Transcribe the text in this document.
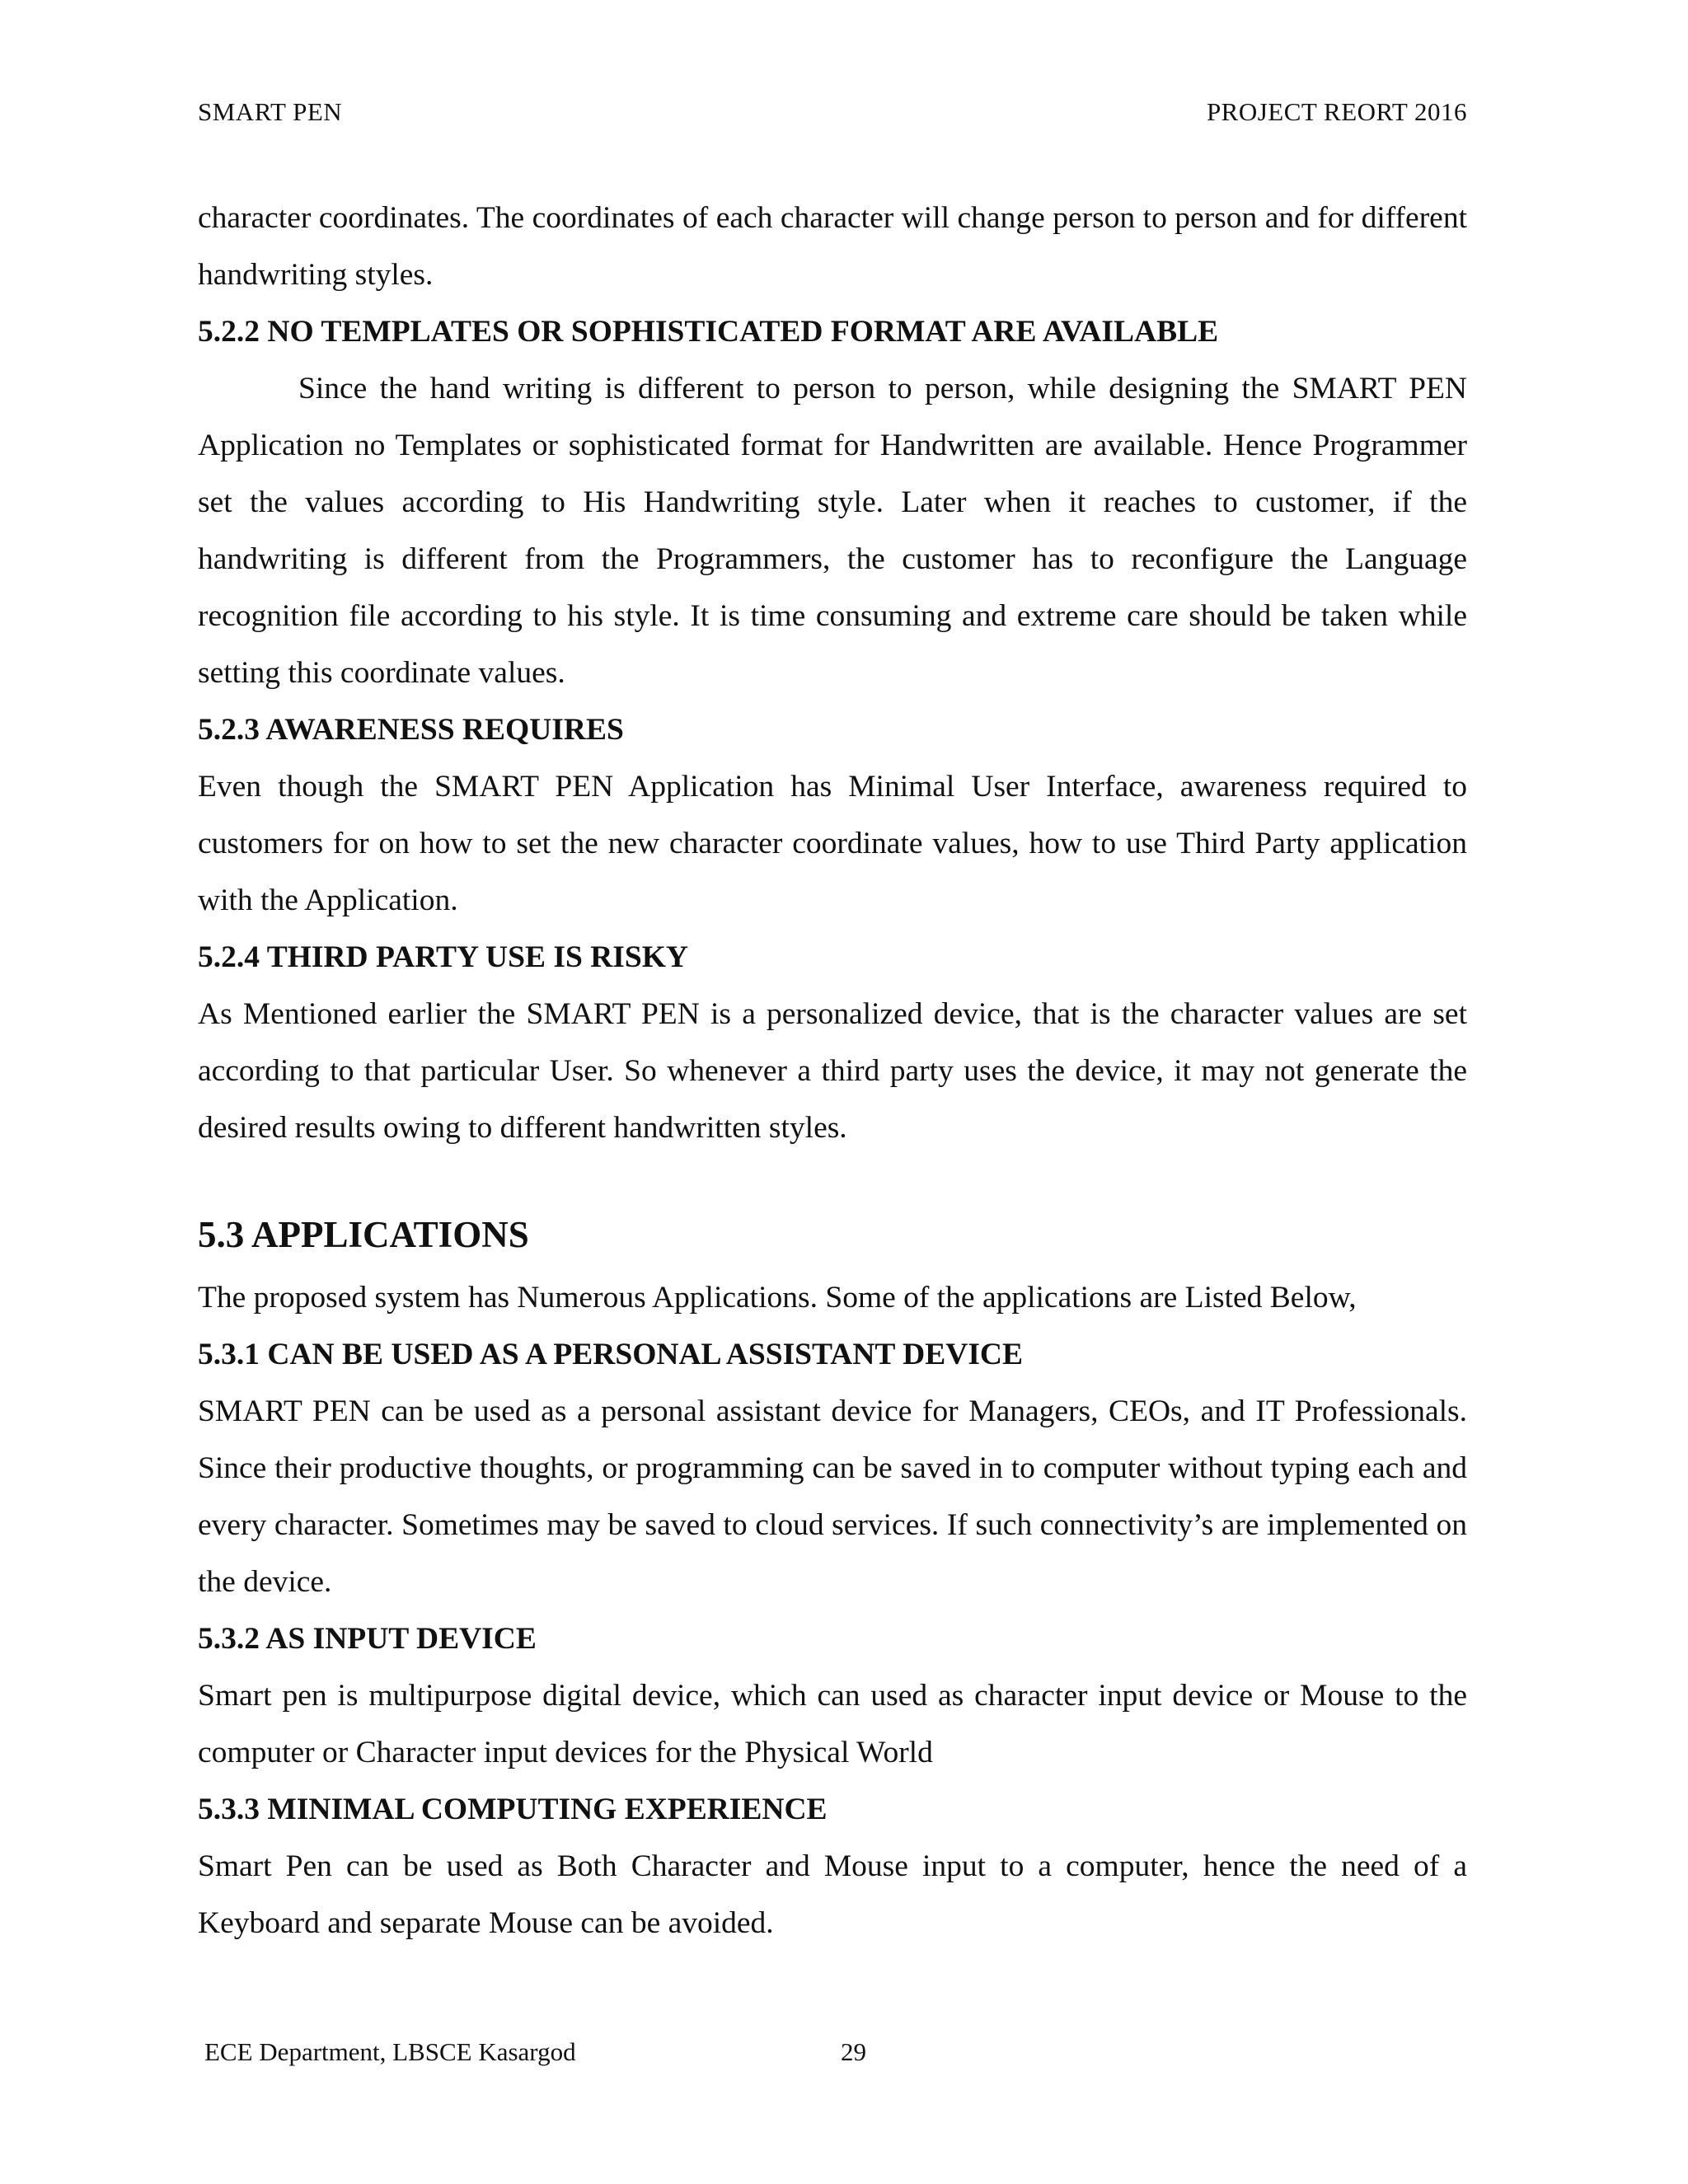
SMART PEN	PROJECT REORT 2016

character coordinates. The coordinates of each character will change person to person and for different handwriting styles.

5.2.2 NO TEMPLATES OR SOPHISTICATED FORMAT ARE AVAILABLE

Since the hand writing is different to person to person, while designing the SMART PEN Application no Templates or sophisticated format for Handwritten are available. Hence Programmer set the values according to His Handwriting style. Later when it reaches to customer, if the handwriting is different from the Programmers, the customer has to reconfigure the Language recognition file according to his style. It is time consuming and extreme care should be taken while setting this coordinate values.

5.2.3 AWARENESS REQUIRES

Even though the SMART PEN Application has Minimal User Interface, awareness required to customers for on how to set the new character coordinate values, how to use Third Party application with the Application.

5.2.4 THIRD PARTY USE IS RISKY

As Mentioned earlier the SMART PEN is a personalized device, that is the character values are set according to that particular User. So whenever a third party uses the device, it may not generate the desired results owing to different handwritten styles.

5.3 APPLICATIONS

The proposed system has Numerous Applications. Some of the applications are Listed Below,

5.3.1 CAN BE USED AS A PERSONAL ASSISTANT DEVICE

SMART PEN can be used as a personal assistant device for Managers, CEOs, and IT Professionals. Since their productive thoughts, or programming can be saved in to computer without typing each and every character. Sometimes may be saved to cloud services. If such connectivity’s are implemented on the device.

5.3.2 AS INPUT DEVICE

Smart pen is multipurpose digital device, which can used as character input device or Mouse to the computer or Character input devices for the Physical World

5.3.3 MINIMAL COMPUTING EXPERIENCE

Smart Pen can be used as Both Character and Mouse input to a computer, hence the need of a Keyboard and separate Mouse can be avoided.

ECE Department, LBSCE Kasargod	29
